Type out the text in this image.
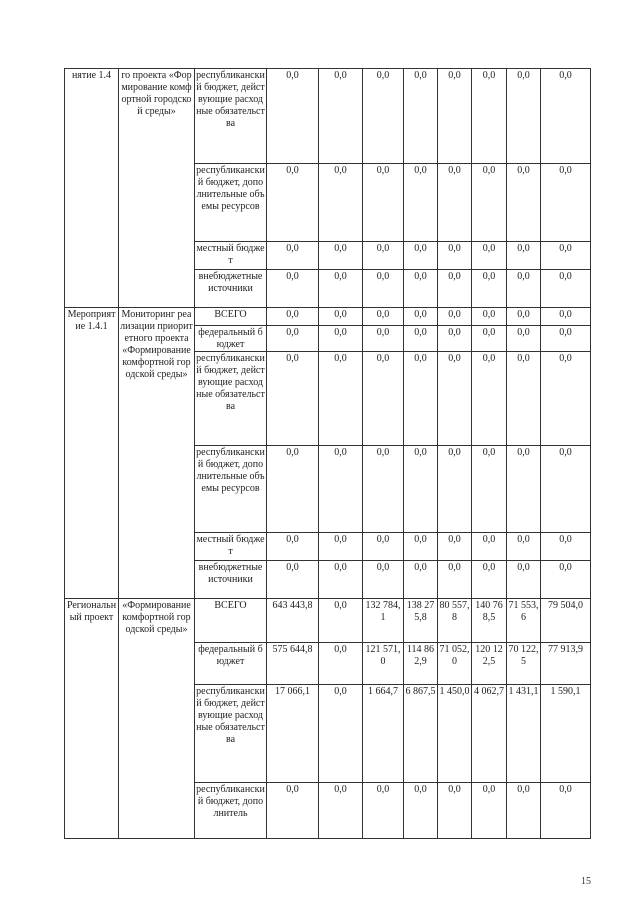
нятие 1.4	го проекта «Формирование комфортной городской среды»	республиканский бюджет, действующие расходные обязательства	0,0	0,0	0,0	0,0	0,0	0,0	0,0	0,0
		республиканский бюджет, дополнительные объемы ресурсов	0,0	0,0	0,0	0,0	0,0	0,0	0,0	0,0
		местный бюджет	0,0	0,0	0,0	0,0	0,0	0,0	0,0	0,0
		внебюджетные источники	0,0	0,0	0,0	0,0	0,0	0,0	0,0	0,0
Мероприятие 1.4.1	Мониторинг реализации приоритетного проекта «Формирование комфортной городской среды»	ВСЕГО	0,0	0,0	0,0	0,0	0,0	0,0	0,0	0,0
		федеральный бюджет	0,0	0,0	0,0	0,0	0,0	0,0	0,0	0,0
		республиканский бюджет, действующие расходные обязательства	0,0	0,0	0,0	0,0	0,0	0,0	0,0	0,0
		республиканский бюджет, дополнительные объемы ресурсов	0,0	0,0	0,0	0,0	0,0	0,0	0,0	0,0
		местный бюджет	0,0	0,0	0,0	0,0	0,0	0,0	0,0	0,0
		внебюджетные источники	0,0	0,0	0,0	0,0	0,0	0,0	0,0	0,0
Региональный проект	«Формирование комфортной городской среды»	ВСЕГО	643 443,8	0,0	132 784,1	138 275,8	80 557,8	140 768,5	71 553,6	79 504,0
		федеральный бюджет	575 644,8	0,0	121 571,0	114 862,9	71 052,0	120 122,5	70 122,5	77 913,9
		республиканский бюджет, действующие расходные обязательства	17 066,1	0,0	1 664,7	6 867,5	1 450,0	4 062,7	1 431,1	1 590,1
		республиканский бюджет, дополнитель	0,0	0,0	0,0	0,0	0,0	0,0	0,0	0,0
15
